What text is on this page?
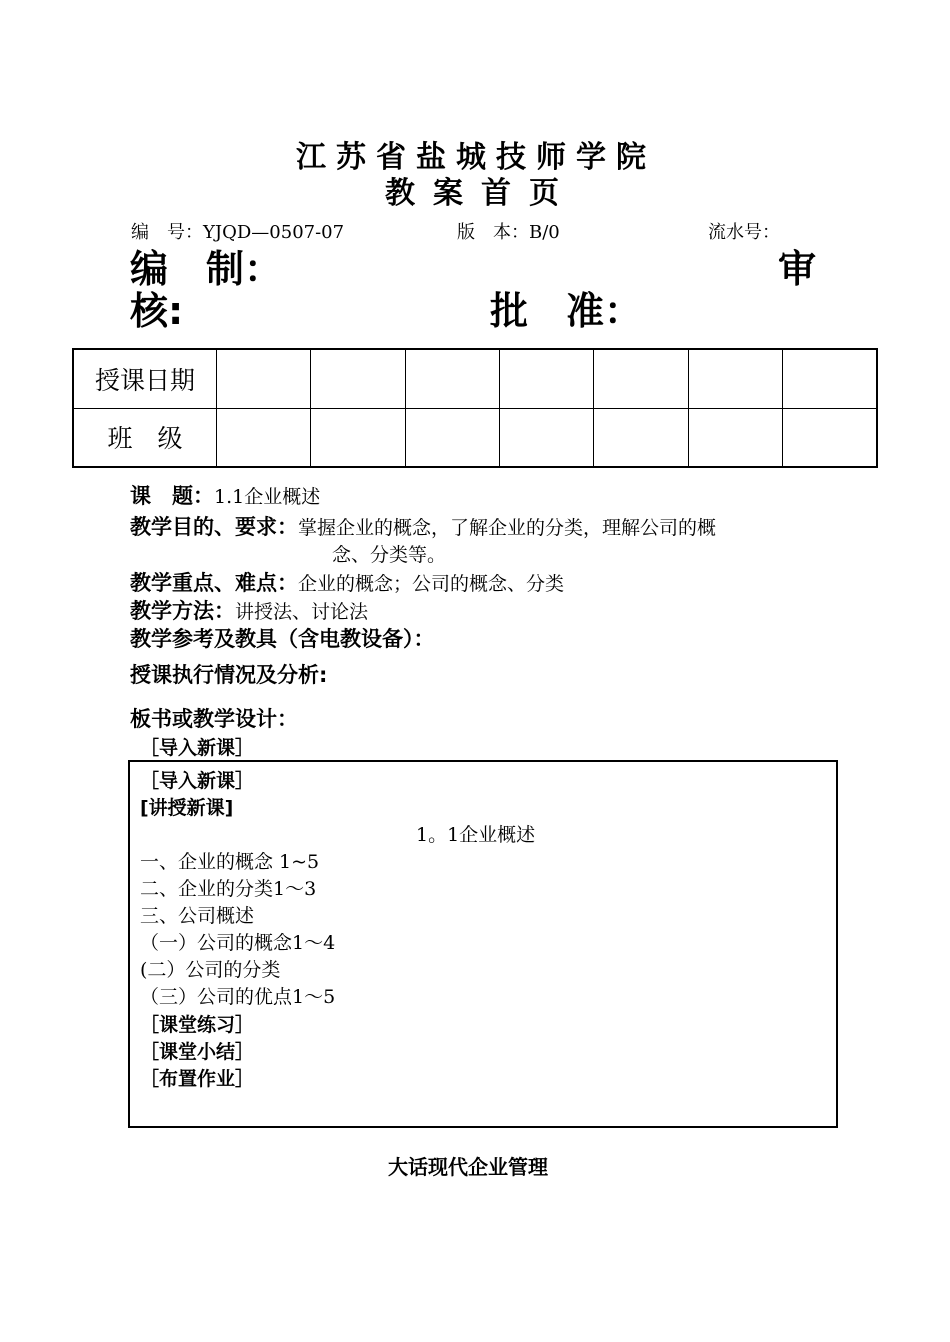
江苏省盐城技师学院
教案首页
编　号：YJQD—0507-07	版　本：B/0	流水号：
编　制：	审
核:	批　准：
授课日期							
班　级							
课　题：1.1企业概述
教学目的、要求：掌握企业的概念，了解企业的分类，理解公司的概
念、分类等。
教学重点、难点：企业的概念；公司的概念、分类
教学方法：讲授法、讨论法
教学参考及教具（含电教设备）：
授课执行情况及分析:
板书或教学设计：
［导入新课］
［导入新课］
[讲授新课]
1。1企业概述
一、企业的概念 1~5
二、企业的分类1～3
三、公司概述
（一）公司的概念1～4
(二）公司的分类
（三）公司的优点1～5
［课堂练习］
［课堂小结］
［布置作业］
大话现代企业管理
